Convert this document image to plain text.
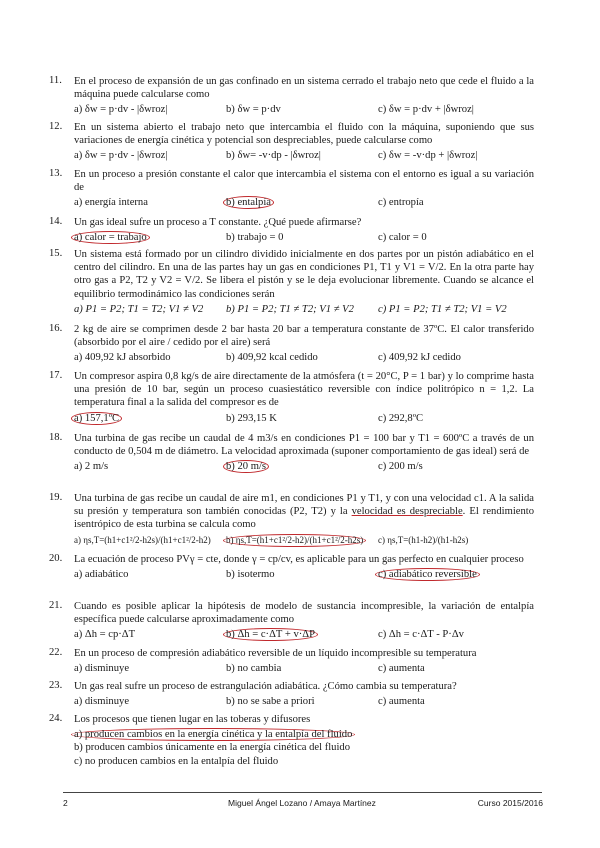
11. En el proceso de expansión de un gas confinado en un sistema cerrado el trabajo neto que cede el fluido a la máquina puede calcularse como
a) δw = p·dv - |δwroz|	b) δw = p·dv	c) δw = p·dv + |δwroz|
12. En un sistema abierto el trabajo neto que intercambia el fluido con la máquina, suponiendo que sus variaciones de energía cinética y potencial son despreciables, puede calcularse como
a) δw = p·dv - |δwroz|	b) δw= -v·dp - |δwroz|	c) δw = -v·dp + |δwroz|
13. En un proceso a presión constante el calor que intercambia el sistema con el entorno es igual a su variación de
a) energía interna	b) entalpía	c) entropía
14. Un gas ideal sufre un proceso a T constante. ¿Qué puede afirmarse?
a) calor = trabajo	b) trabajo = 0	c) calor = 0
15. Un sistema está formado por un cilindro dividido inicialmente en dos partes por un pistón adiabático en el centro del cilindro. En una de las partes hay un gas en condiciones P1, T1 y V1 = V/2. En la otra parte hay otro gas a P2, T2 y V2 = V/2. Se libera el pistón y se le deja evolucionar libremente. Cuando se alcance el equilibrio termodinámico las condiciones serán
a) P1 = P2; T1 = T2; V1 ≠ V2	b) P1 = P2; T1 ≠ T2; V1 ≠ V2	c) P1 = P2; T1 ≠ T2; V1 = V2
16. 2 kg de aire se comprimen desde 2 bar hasta 20 bar a temperatura constante de 37ºC. El calor transferido (absorbido por el aire / cedido por el aire) será
a) 409,92 kJ absorbido	b) 409,92 kcal cedido	c) 409,92 kJ cedido
17. Un compresor aspira 0,8 kg/s de aire directamente de la atmósfera (t = 20°C, P = 1 bar) y lo comprime hasta una presión de 10 bar, según un proceso cuasiestático reversible con índice politrópico n = 1,2. La temperatura final a la salida del compresor es de
a) 157,1ºC	b) 293,15 K	c) 292,8ºC
18. Una turbina de gas recibe un caudal de 4 m3/s en condiciones P1 = 100 bar y T1 = 600ºC a través de un conducto de 0,504 m de diámetro. La velocidad aproximada (suponer comportamiento de gas ideal) será de
a) 2 m/s	b) 20 m/s	c) 200 m/s
19. Una turbina de gas recibe un caudal de aire m1, en condiciones P1 y T1, y con una velocidad c1. A la salida su presión y temperatura son también conocidas (P2, T2) y la velocidad es despreciable. El rendimiento isentrópico de esta turbina se calcula como
a) ηs,T=(h1+c1²/2-h2s)/(h1+c1²/2-h2)	b) ηs,T=(h1+c1²/2-h2)/(h1+c1²/2-h2s)	c) ηs,T=(h1-h2)/(h1-h2s)
20. La ecuación de proceso PVγ = cte, donde γ = cp/cv, es aplicable para un gas perfecto en cualquier proceso
a) adiabático	b) isotermo	c) adiabático reversible
21. Cuando es posible aplicar la hipótesis de modelo de sustancia incompresible, la variación de entalpía específica puede calcularse aproximadamente como
a) Δh = cp·ΔT	b) Δh = c·ΔT + v·ΔP	c) Δh = c·ΔT - P·Δv
22. En un proceso de compresión adiabático reversible de un líquido incompresible su temperatura
a) disminuye	b) no cambia	c) aumenta
23. Un gas real sufre un proceso de estrangulación adiabática. ¿Cómo cambia su temperatura?
a) disminuye	b) no se sabe a priori	c) aumenta
24. Los procesos que tienen lugar en las toberas y difusores
a) producen cambios en la energía cinética y la entalpía del fluido
b) producen cambios únicamente en la energía cinética del fluido
c) no producen cambios en la entalpía del fluido
2	Miguel Ángel Lozano / Amaya Martínez	Curso 2015/2016
